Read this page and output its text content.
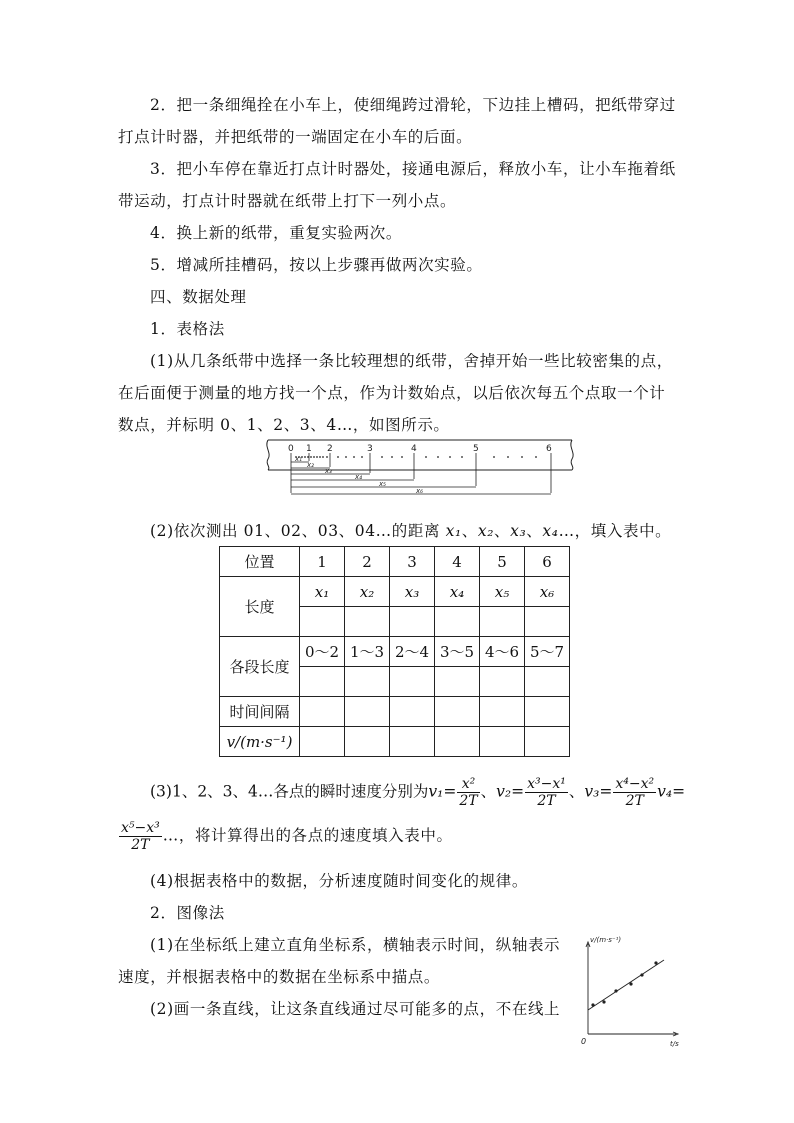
2．把一条细绳拴在小车上，使细绳跨过滑轮，下边挂上槽码，把纸带穿过
打点计时器，并把纸带的一端固定在小车的后面。
3．把小车停在靠近打点计时器处，接通电源后，释放小车，让小车拖着纸
带运动，打点计时器就在纸带上打下一列小点。
4．换上新的纸带，重复实验两次。
5．增减所挂槽码，按以上步骤再做两次实验。
四、数据处理
1．表格法
(1)从几条纸带中选择一条比较理想的纸带，舍掉开始一些比较密集的点，
在后面便于测量的地方找一个点，作为计数始点，以后依次每五个点取一个计
数点，并标明 0、1、2、3、4…，如图所示。
0 1 2	3	4	5	6
x₁
x₂
x₃
x₄
x₅
x₆
(2)依次测出 01、02、03、04…的距离 x₁、x₂、x₃、x₄…，填入表中。
位置	1	2	3	4	5	6
长度	x₁	x₂	x₃	x₄	x₅	x₆

各段长度	0～2	1～3	2～4	3～5	4～6	5～7

时间间隔						
v/(m·s⁻¹)						
(3)1、2、3、4…各点的瞬时速度分别为$v_1= \frac{\text{x²}}{2T}$ 、$v_2= \frac{\text{x³−x¹}}{2T}$ 、$v_3= \frac{\text{x⁴−x²}}{2T} v_4=$
$\frac{\text{x⁵−x³}}{2T}$ …，将计算得出的各点的速度填入表中。
(4)根据表格中的数据，分析速度随时间变化的规律。
2．图像法
(1)在坐标纸上建立直角坐标系，横轴表示时间，纵轴表示
速度，并根据表格中的数据在坐标系中描点。
(2)画一条直线，让这条直线通过尽可能多的点，不在线上
v/(m·s⁻¹)
t/s
0
